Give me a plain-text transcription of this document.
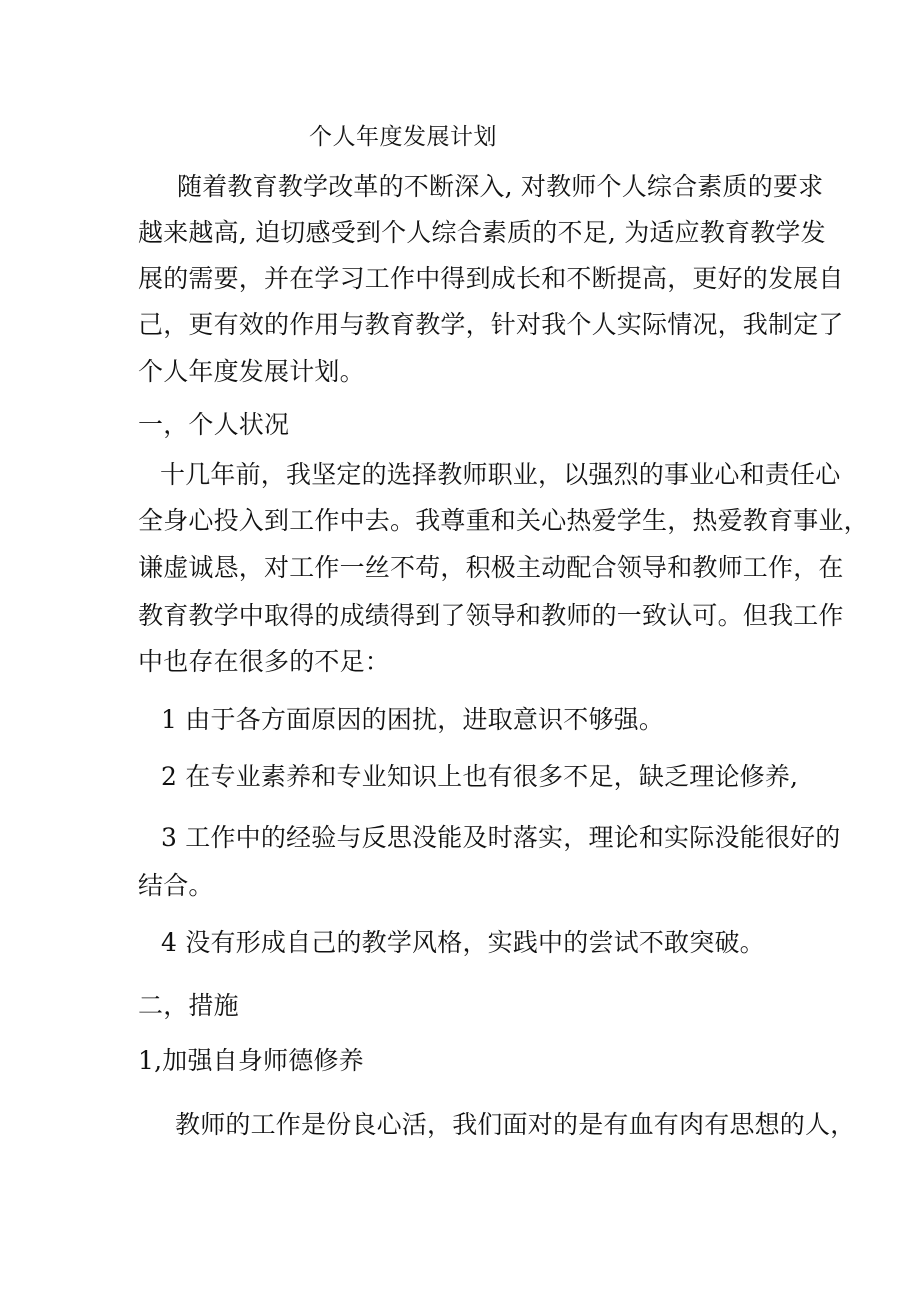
个人年度发展计划
随着教育教学改革的不断深入, 对教师个人综合素质的要求
越来越高, 迫切感受到个人综合素质的不足, 为适应教育教学发
展的需要，并在学习工作中得到成长和不断提高，更好的发展自
己，更有效的作用与教育教学，针对我个人实际情况，我制定了
个人年度发展计划。
一，个人状况
十几年前，我坚定的选择教师职业，以强烈的事业心和责任心
全身心投入到工作中去。我尊重和关心热爱学生，热爱教育事业，
谦虚诚恳，对工作一丝不苟，积极主动配合领导和教师工作，在
教育教学中取得的成绩得到了领导和教师的一致认可。但我工作
中也存在很多的不足：
1 由于各方面原因的困扰，进取意识不够强。
2 在专业素养和专业知识上也有很多不足，缺乏理论修养,
3 工作中的经验与反思没能及时落实，理论和实际没能很好的
结合。
4 没有形成自己的教学风格，实践中的尝试不敢突破。
二，措施
1,加强自身师德修养
教师的工作是份良心活，我们面对的是有血有肉有思想的人，
